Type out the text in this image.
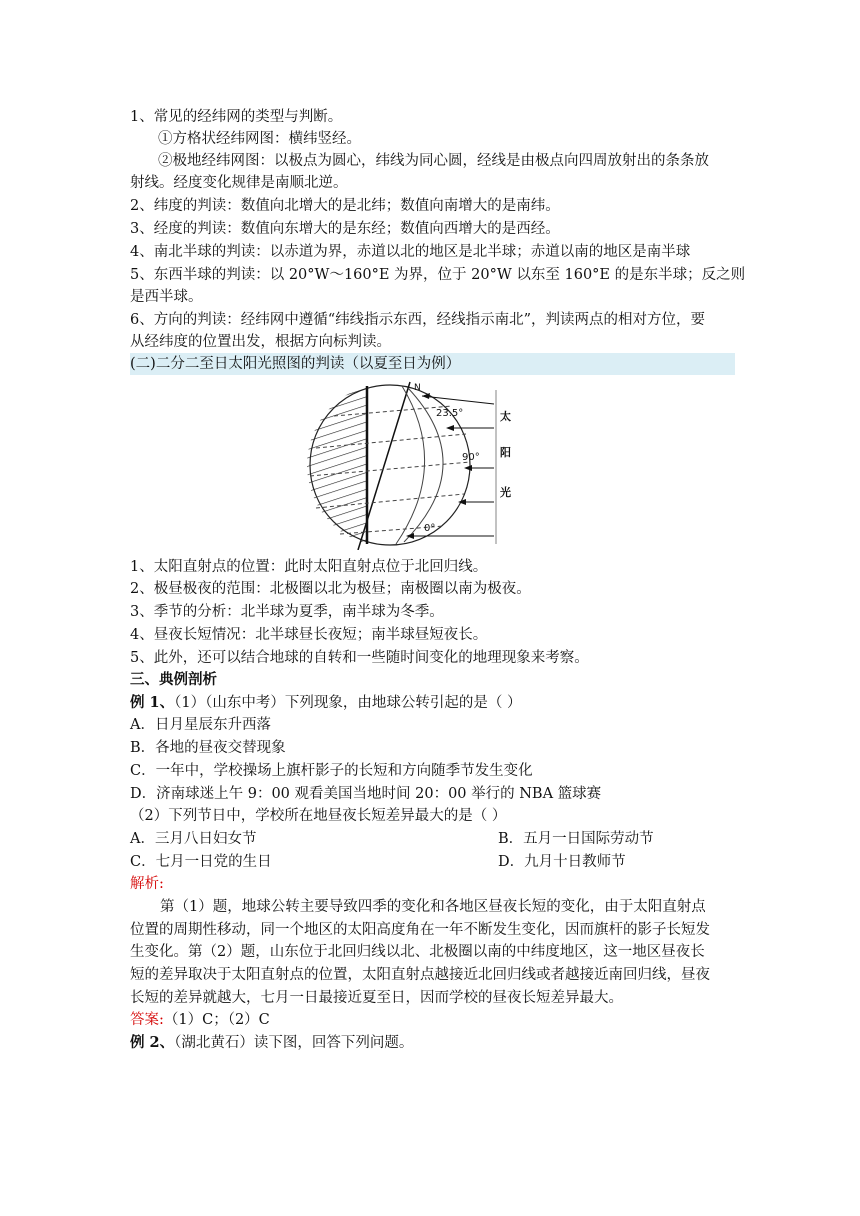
1、常见的经纬网的类型与判断。
①方格状经纬网图：横纬竖经。
②极地经纬网图：以极点为圆心，纬线为同心圆，经线是由极点向四周放射出的条条放
射线。经度变化规律是南顺北逆。
2、纬度的判读：数值向北增大的是北纬；数值向南增大的是南纬。
3、经度的判读：数值向东增大的是东经；数值向西增大的是西经。
4、南北半球的判读：以赤道为界，赤道以北的地区是北半球；赤道以南的地区是南半球
5、东西半球的判读：以 20°W～160°E 为界，位于 20°W 以东至 160°E 的是东半球；反之则
是西半球。
6、方向的判读：经纬网中遵循“纬线指示东西，经线指示南北”，判读两点的相对方位，要
从经纬度的位置出发，根据方向标判读。
(二)二分二至日太阳光照图的判读（以夏至日为例）
N
23.5°
90°
0°
太
阳
光
1、太阳直射点的位置：此时太阳直射点位于北回归线。
2、极昼极夜的范围：北极圈以北为极昼；南极圈以南为极夜。
3、季节的分析：北半球为夏季，南半球为冬季。
4、昼夜长短情况：北半球昼长夜短；南半球昼短夜长。
5、此外，还可以结合地球的自转和一些随时间变化的地理现象来考察。
三、典例剖析
例 1、（1）（山东中考）下列现象，由地球公转引起的是（ ）
A．日月星辰东升西落
B．各地的昼夜交替现象
C．一年中，学校操场上旗杆影子的长短和方向随季节发生变化
D．济南球迷上午 9：00 观看美国当地时间 20：00 举行的 NBA 篮球赛
（2）下列节日中，学校所在地昼夜长短差异最大的是（ ）
A．三月八日妇女节	B．五月一日国际劳动节
C．七月一日党的生日	D．九月十日教师节
解析:
第（1）题，地球公转主要导致四季的变化和各地区昼夜长短的变化，由于太阳直射点
位置的周期性移动，同一个地区的太阳高度角在一年不断发生变化，因而旗杆的影子长短发
生变化。第（2）题，山东位于北回归线以北、北极圈以南的中纬度地区，这一地区昼夜长
短的差异取决于太阳直射点的位置，太阳直射点越接近北回归线或者越接近南回归线，昼夜
长短的差异就越大，七月一日最接近夏至日，因而学校的昼夜长短差异最大。
答案:（1）C；（2）C
例 2、（湖北黄石）读下图，回答下列问题。
